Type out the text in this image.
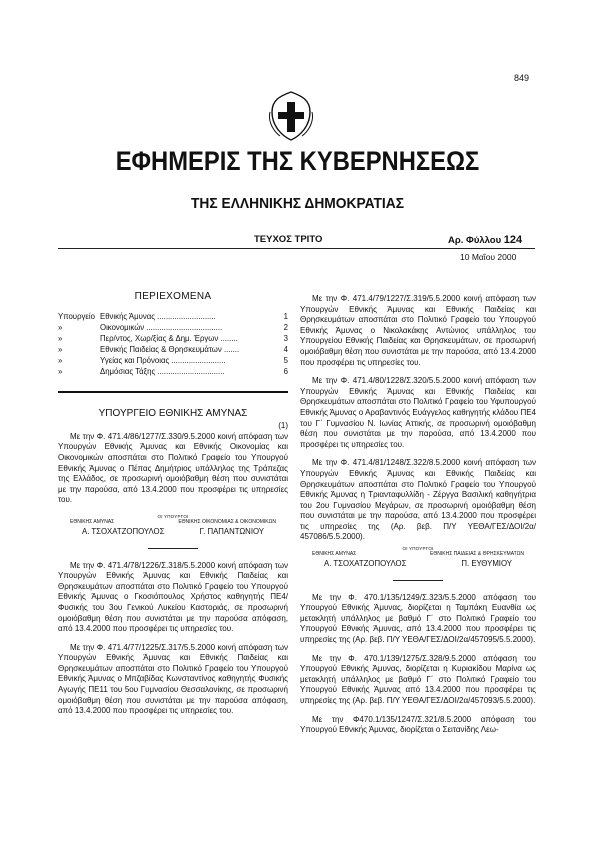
849
ΕΦΗΜΕΡΙΣ ΤΗΣ ΚΥΒΕΡΝΗΣΕΩΣ
ΤΗΣ ΕΛΛΗΝΙΚΗΣ ΔΗΜΟΚΡΑΤΙΑΣ
ΤΕΥΧΟΣ ΤΡΙΤΟ	Αρ. Φύλλου 124
10 Μαΐου 2000
ΠΕΡΙΕΧΟΜΕΝΑ
Υπουργείο Εθνικής Άμυνας ...........................	1
»	Οικονομικών ...................................	2
»	Περ/ντος, Χωρ/ξίας & Δημ. Έργων ........	3
»	Εθνικής Παιδείας & Θρησκευμάτων .......	4
»	Υγείας και Πρόνοιας .........................	5
»	Δημόσιας Τάξης ...............................	6
ΥΠΟΥΡΓΕΙΟ ΕΘΝΙΚΗΣ ΑΜΥΝΑΣ
(1)

Με την Φ. 471.4/86/1277/Σ.330/9.5.2000 κοινή απόφαση των Υπουργών Εθνικής Άμυνας και Εθνικής Οικονομίας και Οικονομικών αποσπάται στο Πολιτικό Γραφείο του Υπουργού Εθνικής Άμυνας ο Πέπας Δημήτριος υπάλληλος της Τράπεζας της Ελλάδος, σε προσωρινή ομοιόβαθμη θέση που συνιστάται με την παρούσα, από 13.4.2000 που προσφέρει τις υπηρεσίες του.

ΟΙ ΥΠΟΥΡΓΟΙ
ΕΘΝΙΚΗΣ ΑΜΥΝΑΣ	ΕΘΝΙΚΗΣ ΟΙΚΟΝΟΜΙΑΣ & ΟΙΚΟΝΟΜΙΚΩΝ
Α. ΤΣΟΧΑΤΖΟΠΟΥΛΟΣ	Γ. ΠΑΠΑΝΤΩΝΙΟΥ

Με την Φ. 471.4/78/1226/Σ.318/5.5.2000 κοινή απόφαση των Υπουργών Εθνικής Άμυνας και Εθνικής Παιδείας και Θρησκευμάτων αποσπάται στο Πολιτικό Γραφείο του Υπουργού Εθνικής Άμυνας ο Γκοσιόπουλος Χρήστος καθηγητής ΠΕ4/Φυσικής του 3ου Γενικού Λυκείου Καστοριάς, σε προσωρινή ομοιόβαθμη θέση που συνιστάται με την παρούσα απόφαση, από 13.4.2000 που προσφέρει τις υπηρεσίες του.

Με την Φ. 471.4/77/1225/Σ.317/5.5.2000 κοινή απόφαση των Υπουργών Εθνικής Άμυνας και Εθνικής Παιδείας και Θρησκευμάτων αποσπάται στο Πολιτικό Γραφείο του Υπουργού Εθνικής Άμυνας ο Μπζαβίδας Κωνσταντίνος καθηγητής Φυσικής Αγωγής ΠΕ11 του 5ου Γυμνασίου Θεσσαλονίκης, σε προσωρινή ομοιόβαθμη θέση που συνιστάται με την παρούσα απόφαση, από 13.4.2000 που προσφέρει τις υπηρεσίες του.

Με την Φ. 471.4/79/1227/Σ.319/5.5.2000 κοινή απόφαση των Υπουργών Εθνικής Άμυνας και Εθνικής Παιδείας και Θρησκευμάτων αποσπάται στο Πολιτικό Γραφείο του Υπουργού Εθνικής Άμυνας ο Νικολακάκης Αντώνιος υπάλληλος του Υπουργείου Εθνικής Παιδείας και Θρησκευμάτων, σε προσωρινή ομοιόβαθμη θέση που συνιστάται με την παρούσα, από 13.4.2000 που προσφέρει τις υπηρεσίες του.

Με την Φ. 471.4/80/1228/Σ.320/5.5.2000 κοινή απόφαση των Υπουργών Εθνικής Άμυνας και Εθνικής Παιδείας και Θρησκευμάτων αποσπάται στο Πολιτικό Γραφείο του Υφυπουργού Εθνικής Άμυνας ο Αραβαντινός Ευάγγελος καθηγητής κλάδου ΠΕ4 του Γ΄ Γυμνασίου Ν. Ιωνίας Αττικής, σε προσωρινή ομοιόβαθμη θέση που συνιστάται με την παρούσα, από 13.4.2000 που προσφέρει τις υπηρεσίες του.

Με την Φ. 471.4/81/1248/Σ.322/8.5.2000 κοινή απόφαση των Υπουργών Εθνικής Άμυνας και Εθνικής Παιδείας και Θρησκευμάτων αποσπάται στο Πολιτικό Γραφείο του Υπουργού Εθνικής Άμυνας η Τριανταφυλλίδη - Ζέργγα Βασιλική καθηγήτρια του 2ου Γυμνασίου Μεγάρων, σε προσωρινή ομοιόβαθμη θέση που συνιστάται με την παρούσα, από 13.4.2000 που προσφέρει τις υπηρεσίες της (Αρ. βεβ. Π/Υ ΥΕΘΑ/ΓΕΣ/ΔΟΙ/2α/ 457086/5.5.2000).

ΟΙ ΥΠΟΥΡΓΟΙ
ΕΘΝΙΚΗΣ ΑΜΥΝΑΣ	ΕΘΝΙΚΗΣ ΠΑΙΔΕΙΑΣ & ΘΡΗΣΚΕΥΜΑΤΩΝ
Α. ΤΣΟΧΑΤΖΟΠΟΥΛΟΣ	Π. ΕΥΘΥΜΙΟΥ

Με την Φ. 470.1/135/1249/Σ.323/5.5.2000 απόφαση του Υπουργού Εθνικής Άμυνας, διορίζεται η Ταμπάκη Ευανθία ως μετακλητή υπάλληλος με βαθμό Γ΄ στο Πολιτικό Γραφείο του Υπουργού Εθνικής Άμυνας, από 13.4.2000 που προσφέρει τις υπηρεσίες της (Αρ. βεβ. Π/Υ ΥΕΘΑ/ΓΕΣ/ΔΟΙ/2α/457095/5.5.2000).

Με την Φ. 470.1/139/1275/Σ.328/9.5.2000 απόφαση του Υπουργού Εθνικής Άμυνας, διορίζεται η Κυριακίδου Μαρίνα ως μετακλητή υπάλληλος με βαθμό Γ΄ στο Πολιτικό Γραφείο του Υπουργού Εθνικής Άμυνας από 13.4.2000 που προσφέρει τις υπηρεσίες της (Αρ. βεβ. Π/Υ ΥΕΘΑ/ΓΕΣ/ΔΟΙ/2α/457093/5.5.2000).

Με την Φ470.1/135/1247/Σ.321/8.5.2000 απόφαση του Υπουργού Εθνικής Άμυνας, διορίζεται ο Σειτανίδης Λεω-
